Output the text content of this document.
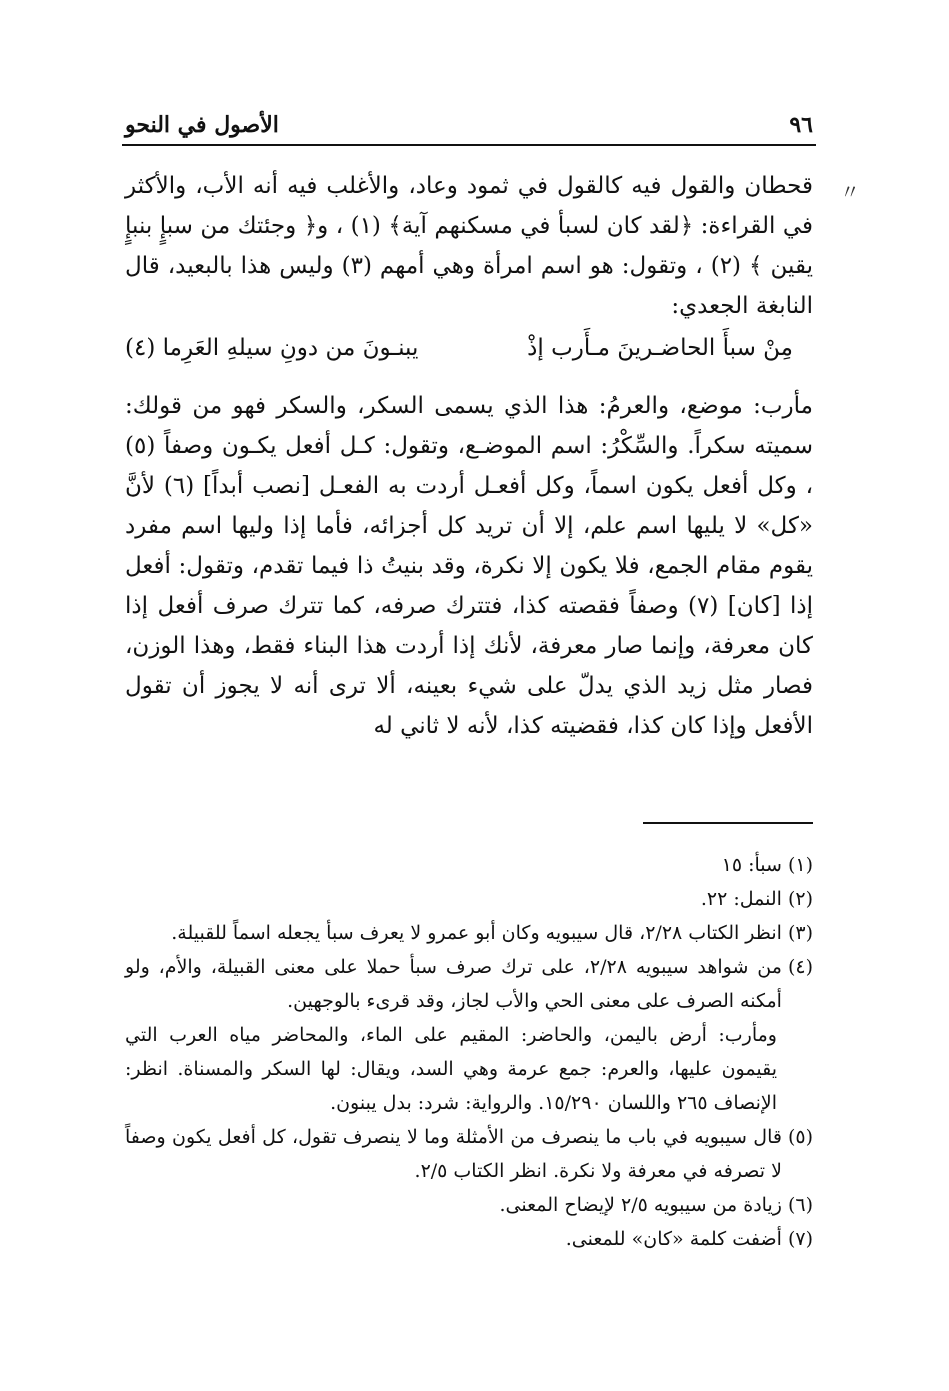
٩٦
الأصول في النحو
〃

قحطان والقول فيه كالقول في ثمود وعاد، والأغلب فيه أنه الأب، والأكثر في القراءة: ﴿لقد كان لسبأ في مسكنهم آية﴾ (١) ، و﴿ وجئتك من سبإٍ بنبإٍ يقين ﴾ (٢) ، وتقول: هو اسم امرأة وهي أمهم (٣) وليس هذا بالبعيد، قال النابغة الجعدي:

مِنْ سبأَ الحاضـرينَ مـأَرب إذْ
يبنـونَ من دونِ سيلهِ العَرِما (٤)

مأرب: موضع، والعرمُ: هذا الذي يسمى السكر، والسكر فهو من قولك: سميته سكراً. والسِّكْرُ: اسم الموضـع، وتقول: كـل أفعل يكـون وصفاً (٥) ، وكل أفعل يكون اسماً، وكل أفعـل أردت به الفعـل [نصب أبداً] (٦) لأنَّ «كل» لا يليها اسم علم، إلا أن تريد كل أجزائه، فأما إذا وليها اسم مفرد يقوم مقام الجمع، فلا يكون إلا نكرة، وقد بنيتُ ذا فيما تقدم، وتقول: أفعل إذا [كان] (٧) وصفاً فقصته كذا، فتترك صرفه، كما تترك صرف أفعل إذا كان معرفة، وإنما صار معرفة، لأنك إذا أردت هذا البناء فقط، وهذا الوزن، فصار مثل زيد الذي يدلّ على شيء بعينه، ألا ترى أنه لا يجوز أن تقول الأفعل وإذا كان كذا، فقضيته كذا، لأنه لا ثاني له

(١)
سبأ: ١٥
(٢)
النمل: ٢٢.
(٣)
انظر الكتاب ٢/٢٨، قال سيبويه وكان أبو عمرو لا يعرف سبأ يجعله اسماً للقبيلة.
(٤)
من شواهد سيبويه ٢/٢٨، على ترك صرف سبأ حملا على معنى القبيلة، والأم، ولو أمكنه الصرف على معنى الحي والأب لجاز، وقد قرىء بالوجهين.
ومأرب: أرض باليمن، والحاضر: المقيم على الماء، والمحاضر مياه العرب التي يقيمون عليها، والعرم: جمع عرمة وهي السد، ويقال: لها السكر والمسناة. انظر: الإنصاف ٢٦٥ واللسان ١٥/٢٩٠. والرواية: شرد: بدل يبنون.
(٥)
قال سيبويه في باب ما ينصرف من الأمثلة وما لا ينصرف تقول، كل أفعل يكون وصفاً لا تصرفه في معرفة ولا نكرة. انظر الكتاب ٢/٥.
(٦)
زيادة من سيبويه ٢/٥ لإيضاح المعنى.
(٧)
أضفت كلمة «كان» للمعنى.
